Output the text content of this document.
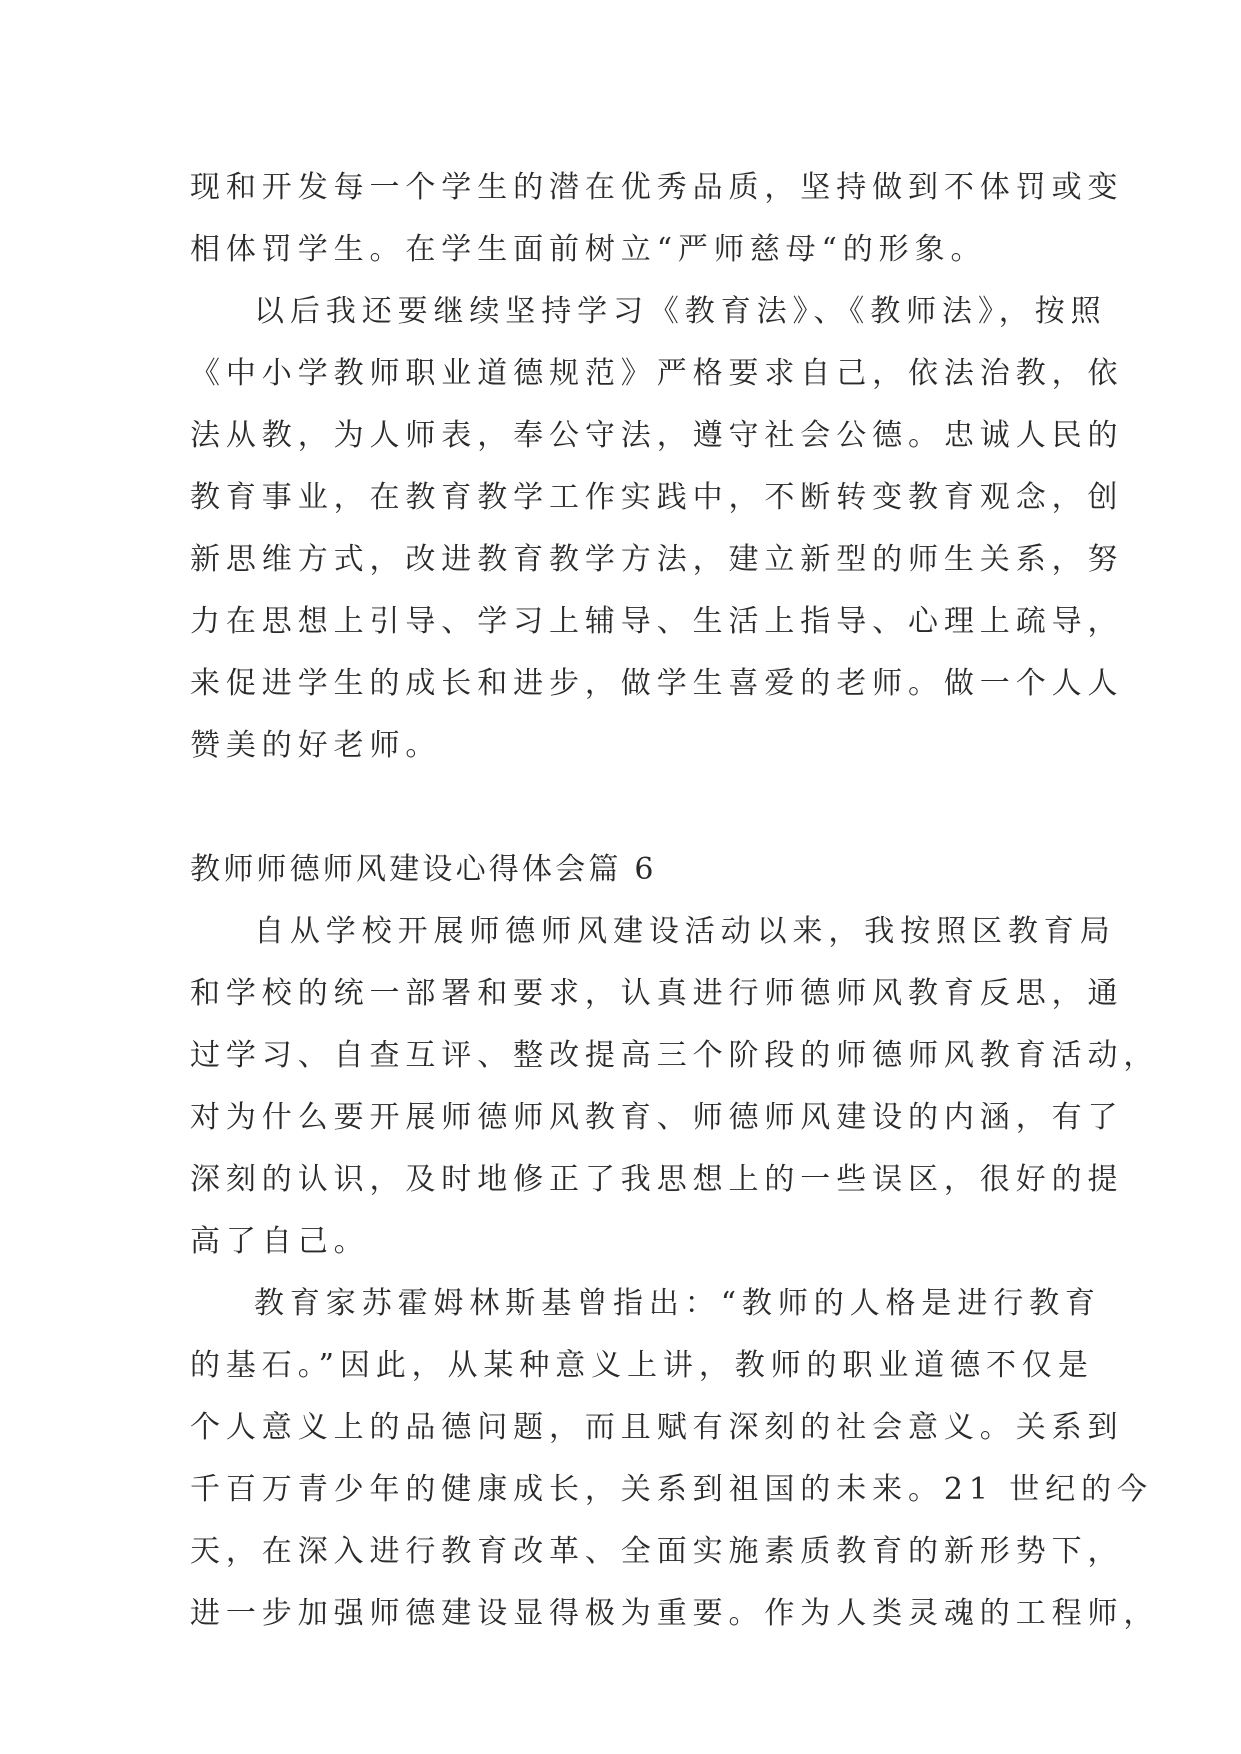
现和开发每一个学生的潜在优秀品质，坚持做到不体罚或变
相体罚学生。在学生面前树立“严师慈母“的形象。
以后我还要继续坚持学习《教育法》、《教师法》，按照
《中小学教师职业道德规范》严格要求自己，依法治教，依
法从教，为人师表，奉公守法，遵守社会公德。忠诚人民的
教育事业，在教育教学工作实践中，不断转变教育观念，创
新思维方式，改进教育教学方法，建立新型的师生关系，努
力在思想上引导、学习上辅导、生活上指导、心理上疏导，
来促进学生的成长和进步，做学生喜爱的老师。做一个人人
赞美的好老师。
教师师德师风建设心得体会篇 6
自从学校开展师德师风建设活动以来，我按照区教育局
和学校的统一部署和要求，认真进行师德师风教育反思，通
过学习、自查互评、整改提高三个阶段的师德师风教育活动，
对为什么要开展师德师风教育、师德师风建设的内涵，有了
深刻的认识，及时地修正了我思想上的一些误区，很好的提
高了自己。
教育家苏霍姆林斯基曾指出：“教师的人格是进行教育
的基石。”因此，从某种意义上讲，教师的职业道德不仅是
个人意义上的品德问题，而且赋有深刻的社会意义。关系到
千百万青少年的健康成长，关系到祖国的未来。21 世纪的今
天，在深入进行教育改革、全面实施素质教育的新形势下，
进一步加强师德建设显得极为重要。作为人类灵魂的工程师，
